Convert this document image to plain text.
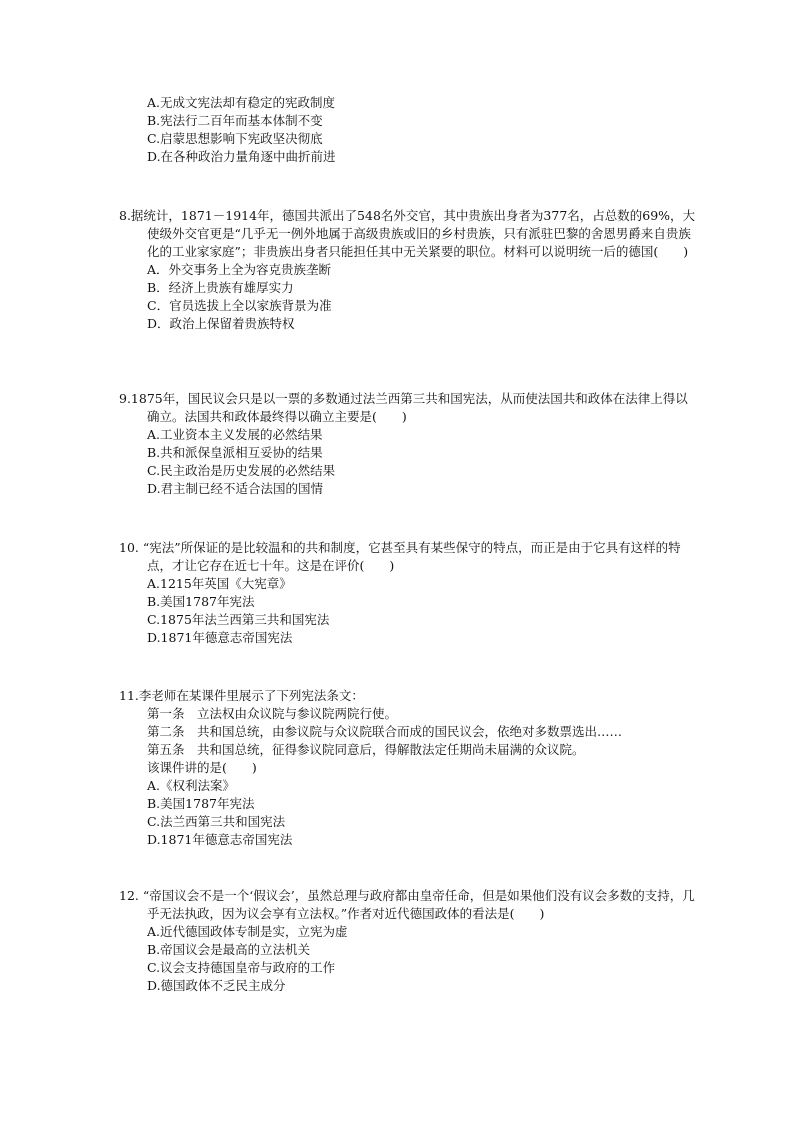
A.无成文宪法却有稳定的宪政制度

B.宪法行二百年而基本体制不变

C.启蒙思想影响下宪政坚决彻底

D.在各种政治力量角逐中曲折前进

8.据统计，1871－1914年，德国共派出了548名外交官，其中贵族出身者为377名，占总数的69%，大使级外交官更是“几乎无一例外地属于高级贵族或旧的乡村贵族，只有派驻巴黎的舍恩男爵来自贵族化的工业家家庭”；非贵族出身者只能担任其中无关紧要的职位。材料可以说明统一后的德国(　　)

A．外交事务上全为容克贵族垄断

B．经济上贵族有雄厚实力

C．官员选拔上全以家族背景为准

D．政治上保留着贵族特权

9.1875年，国民议会只是以一票的多数通过法兰西第三共和国宪法，从而使法国共和政体在法律上得以确立。法国共和政体最终得以确立主要是(　　)

A.工业资本主义发展的必然结果

B.共和派保皇派相互妥协的结果

C.民主政治是历史发展的必然结果

D.君主制已经不适合法国的国情

10. “宪法”所保证的是比较温和的共和制度，它甚至具有某些保守的特点，而正是由于它具有这样的特点，才让它存在近七十年。这是在评价(　　)

A.1215年英国《大宪章》

B.美国1787年宪法

C.1875年法兰西第三共和国宪法

D.1871年德意志帝国宪法

11.李老师在某课件里展示了下列宪法条文：

第一条　立法权由众议院与参议院两院行使。

第二条　共和国总统，由参议院与众议院联合而成的国民议会，依绝对多数票选出……

第五条　共和国总统，征得参议院同意后，得解散法定任期尚未届满的众议院。

该课件讲的是(　　)

A.《权利法案》

B.美国1787年宪法

C.法兰西第三共和国宪法

D.1871年德意志帝国宪法

12. “帝国议会不是一个‘假议会’，虽然总理与政府都由皇帝任命，但是如果他们没有议会多数的支持，几乎无法执政，因为议会享有立法权。”作者对近代德国政体的看法是(　　)

A.近代德国政体专制是实，立宪为虚

B.帝国议会是最高的立法机关

C.议会支持德国皇帝与政府的工作

D.德国政体不乏民主成分
